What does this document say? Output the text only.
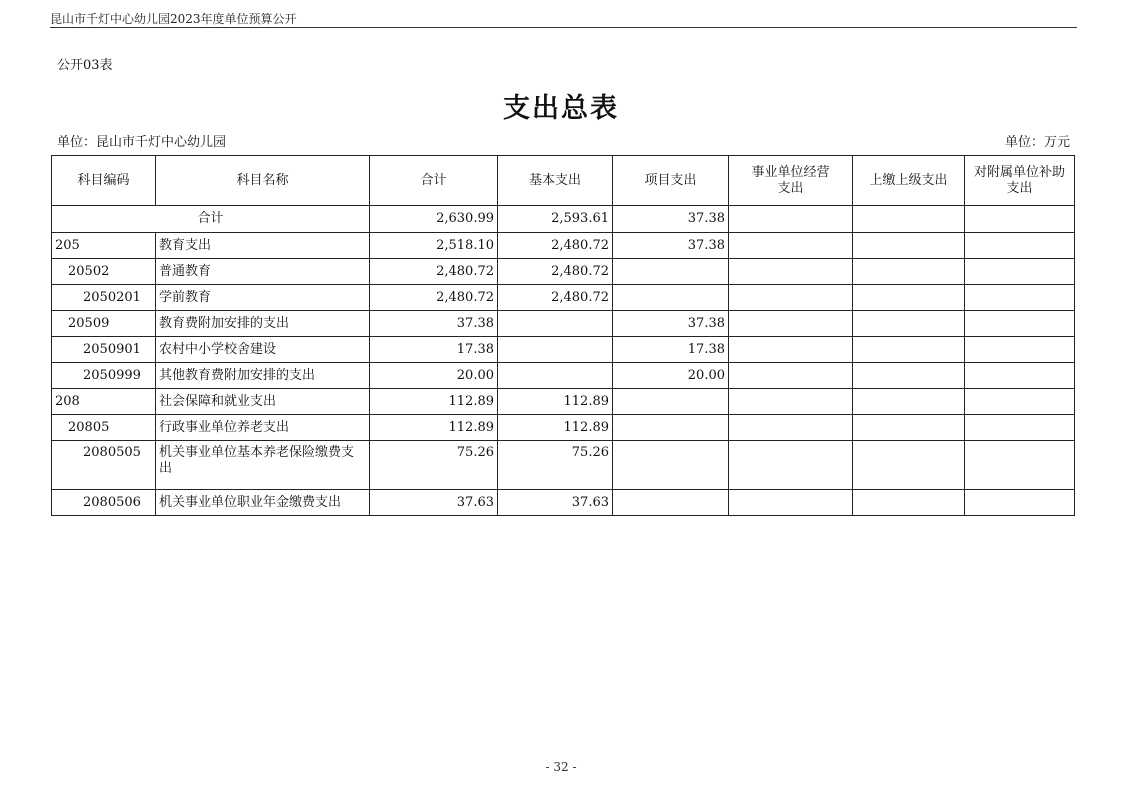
昆山市千灯中心幼儿园2023年度单位预算公开
公开03表
支出总表
单位：昆山市千灯中心幼儿园	单位：万元
科目编码	科目名称	合计	基本支出	项目支出	事业单位经营支出	上缴上级支出	对附属单位补助支出
合计		2,630.99	2,593.61	37.38			
205	教育支出	2,518.10	2,480.72	37.38			
20502	普通教育	2,480.72	2,480.72				
2050201	学前教育	2,480.72	2,480.72				
20509	教育费附加安排的支出	37.38		37.38			
2050901	农村中小学校舍建设	17.38		17.38			
2050999	其他教育费附加安排的支出	20.00		20.00			
208	社会保障和就业支出	112.89	112.89				
20805	行政事业单位养老支出	112.89	112.89				
2080505	机关事业单位基本养老保险缴费支出	75.26	75.26				
2080506	机关事业单位职业年金缴费支出	37.63	37.63				
- 32 -
